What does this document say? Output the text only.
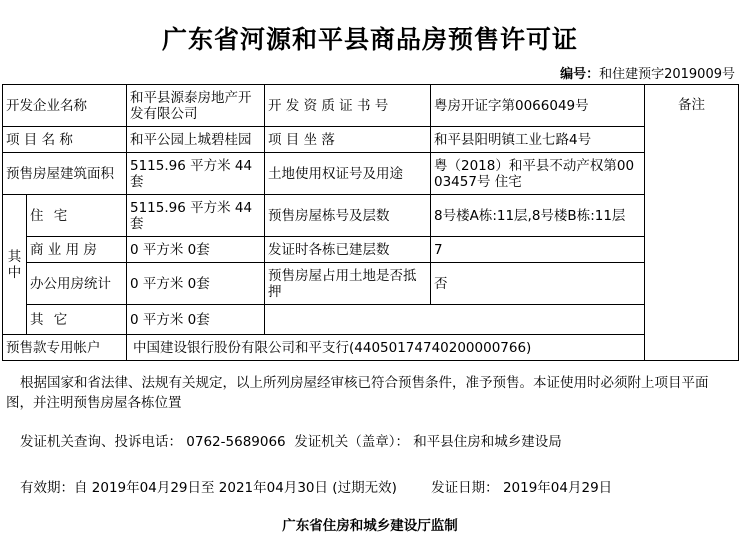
广东省河源和平县商品房预售许可证
编号：和住建预字2019009号
开发企业名称		和平县源泰房地产开发有限公司	开 发 资 质 证 书 号	粤房开证字第0066049号	备注
项 目 名 称		和平公园上城碧桂园	项 目 坐 落	和平县阳明镇工业七路4号	
预售房屋建筑面积		5115.96 平方米 44 套	土地使用权证号及用途	粤（2018）和平县不动产权第0003457号 住宅	
其 中	住 宅	5115.96 平方米 44 套	预售房屋栋号及层数	8号楼A栋:11层,8号楼B栋:11层	
	商 业 用 房	0 平方米 0套	发证时各栋已建层数	7	
	办公用房统计	0 平方米 0套	预售房屋占用土地是否抵押	否	
	其 它	0 平方米 0套			
预售款专用帐户		中国建设银行股份有限公司和平支行(44050174740200000766)			
根据国家和省法律、法规有关规定，以上所列房屋经审核已符合预售条件，准予预售。本证使用时必须附上项目平面图，并注明预售房屋各栋位置
发证机关查询、投诉电话： 0762-5689066  发证机关（盖章）： 和平县住房和城乡建设局
有效期：自 2019年04月29日至 2021年04月30日 (过期无效)        发证日期： 2019年04月29日
广东省住房和城乡建设厅监制
